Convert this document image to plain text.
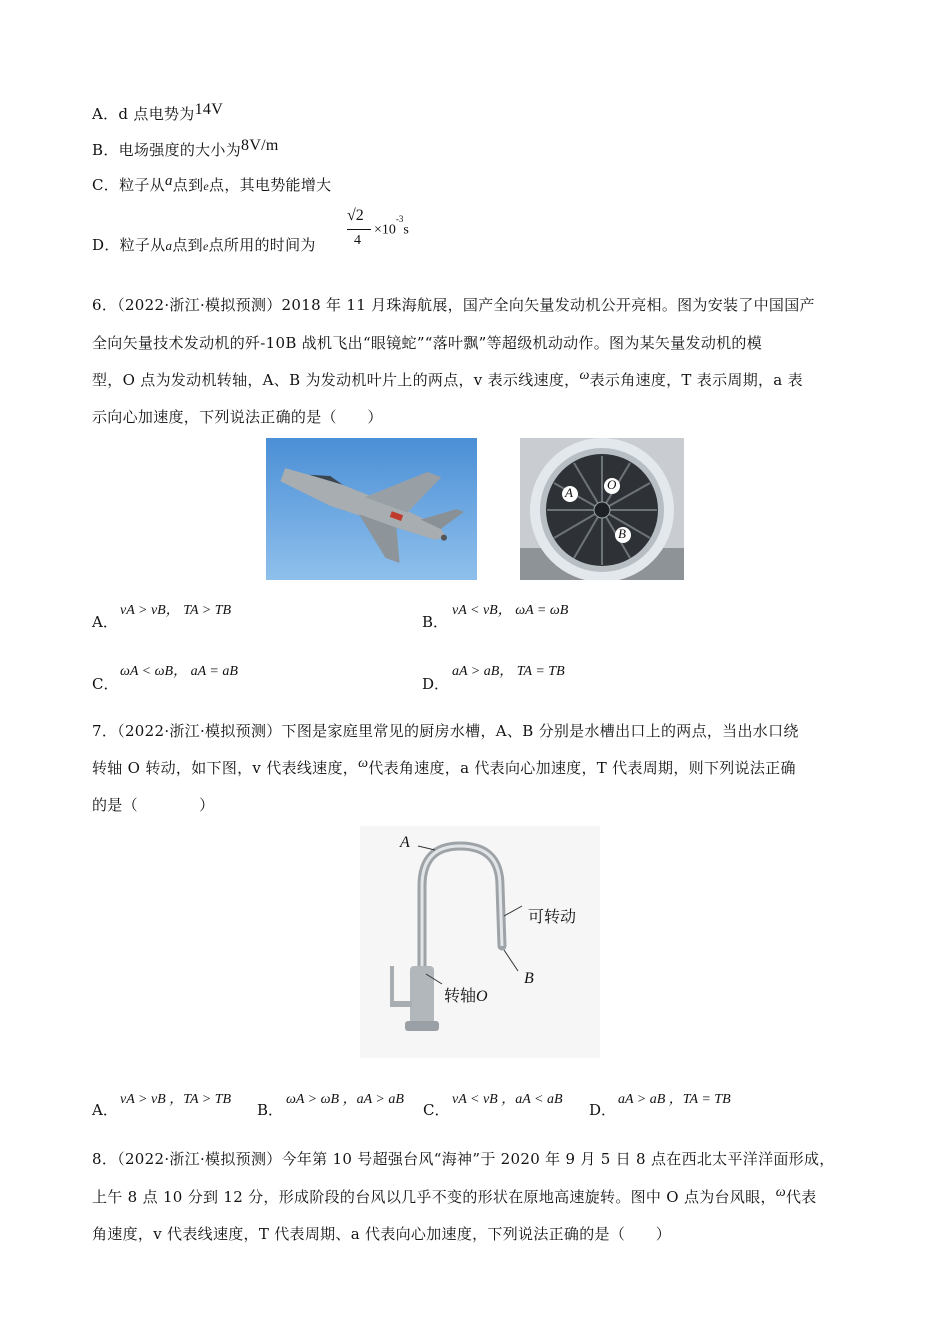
A．d 点电势为14V
B．电场强度的大小为8V/m
C．粒子从a点到e点，其电势能增大
D．粒子从a点到e点所用的时间为
√2
4
$\times 10^{-3}s$
6．（2022·浙江·模拟预测）2018 年 11 月珠海航展，国产全向矢量发动机公开亮相。图为安装了中国国产
全向矢量技术发动机的歼-10B 战机飞出“眼镜蛇”“落叶飘”等超级机动动作。图为某矢量发动机的模
型，O 点为发动机转轴，A、B 为发动机叶片上的两点，v 表示线速度，ω表示角速度，T 表示周期，a 表
示向心加速度，下列说法正确的是（　　）
A
O
B
A．
vA > vB， TA > TB
B．
vA < vB， ωA = ωB
C．
ωA < ωB， aA = aB
D．
aA > aB， TA = TB
7．（2022·浙江·模拟预测）下图是家庭里常见的厨房水槽，A、B 分别是水槽出口上的两点，当出水口绕
转轴 O 转动，如下图，v 代表线速度，ω代表角速度，a 代表向心加速度，T 代表周期，则下列说法正确
的是（　　　　）
A
可转动
B
转轴O
A．
vA > vB ，TA > TB
B．
ωA > ωB ，aA > aB
C．
vA < vB ，aA < aB
D．
aA > aB ，TA = TB
8．（2022·浙江·模拟预测）今年第 10 号超强台风“海神”于 2020 年 9 月 5 日 8 点在西北太平洋洋面形成，
上午 8 点 10 分到 12 分，形成阶段的台风以几乎不变的形状在原地高速旋转。图中 O 点为台风眼，ω代表
角速度，v 代表线速度，T 代表周期、a 代表向心加速度，下列说法正确的是（　　）
